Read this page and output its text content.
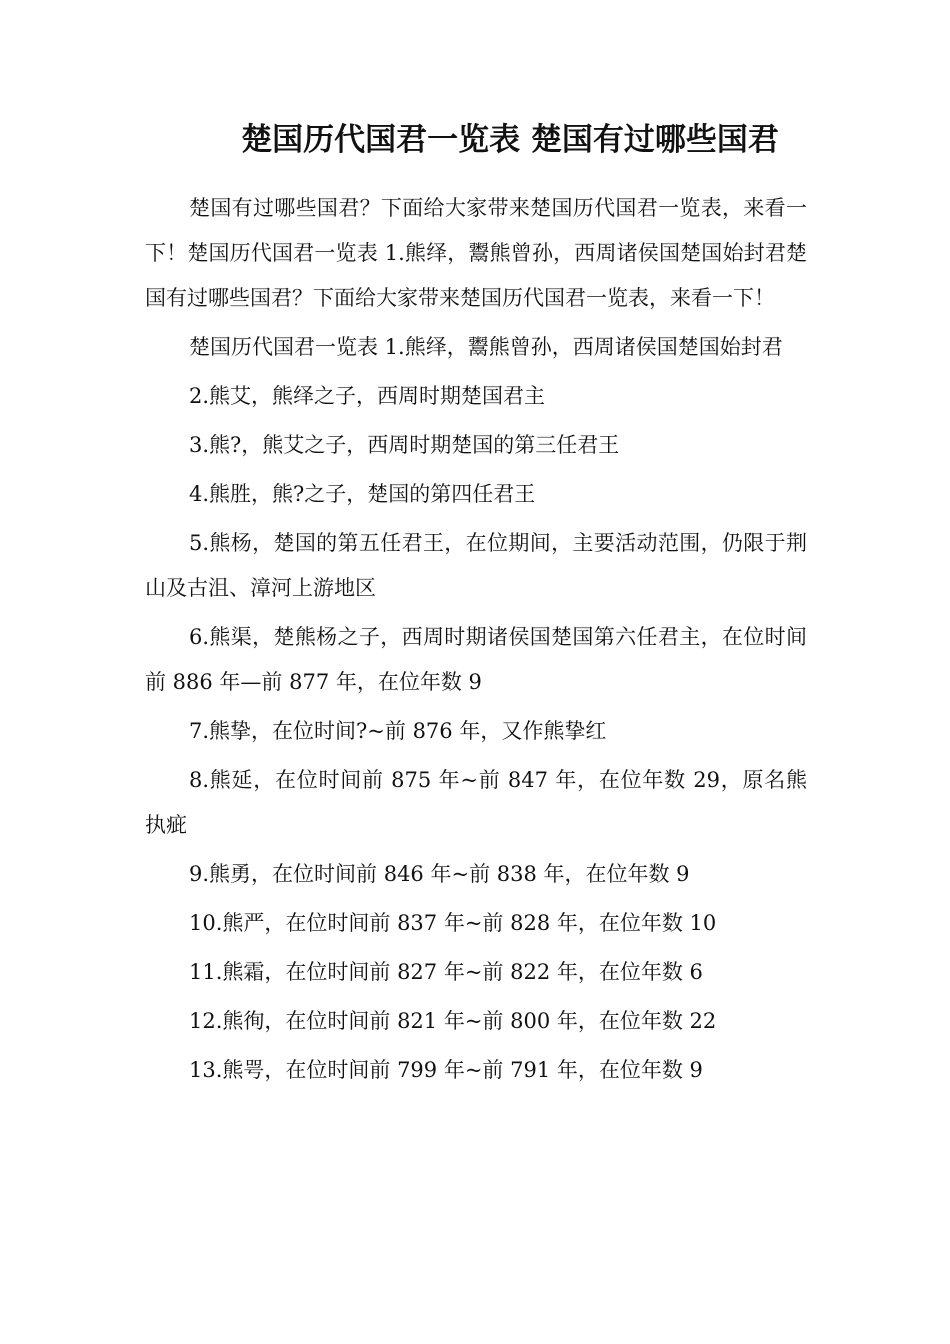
楚国历代国君一览表 楚国有过哪些国君

楚国有过哪些国君？下面给大家带来楚国历代国君一览表，来看一下！楚国历代国君一览表 1.熊绎，鬻熊曾孙，西周诸侯国楚国始封君楚国有过哪些国君？下面给大家带来楚国历代国君一览表，来看一下！

楚国历代国君一览表 1.熊绎，鬻熊曾孙，西周诸侯国楚国始封君

2.熊艾，熊绎之子，西周时期楚国君主

3.熊?，熊艾之子，西周时期楚国的第三任君王

4.熊胜，熊?之子，楚国的第四任君王

5.熊杨，楚国的第五任君王，在位期间，主要活动范围，仍限于荆山及古沮、漳河上游地区

6.熊渠，楚熊杨之子，西周时期诸侯国楚国第六任君主，在位时间前 886 年—前 877 年，在位年数 9

7.熊挚，在位时间?~前 876 年，又作熊挚红

8.熊延，在位时间前 875 年~前 847 年，在位年数 29，原名熊执疵

9.熊勇，在位时间前 846 年~前 838 年，在位年数 9

10.熊严，在位时间前 837 年~前 828 年，在位年数 10

11.熊霜，在位时间前 827 年~前 822 年，在位年数 6

12.熊徇，在位时间前 821 年~前 800 年，在位年数 22

13.熊咢，在位时间前 799 年~前 791 年，在位年数 9
